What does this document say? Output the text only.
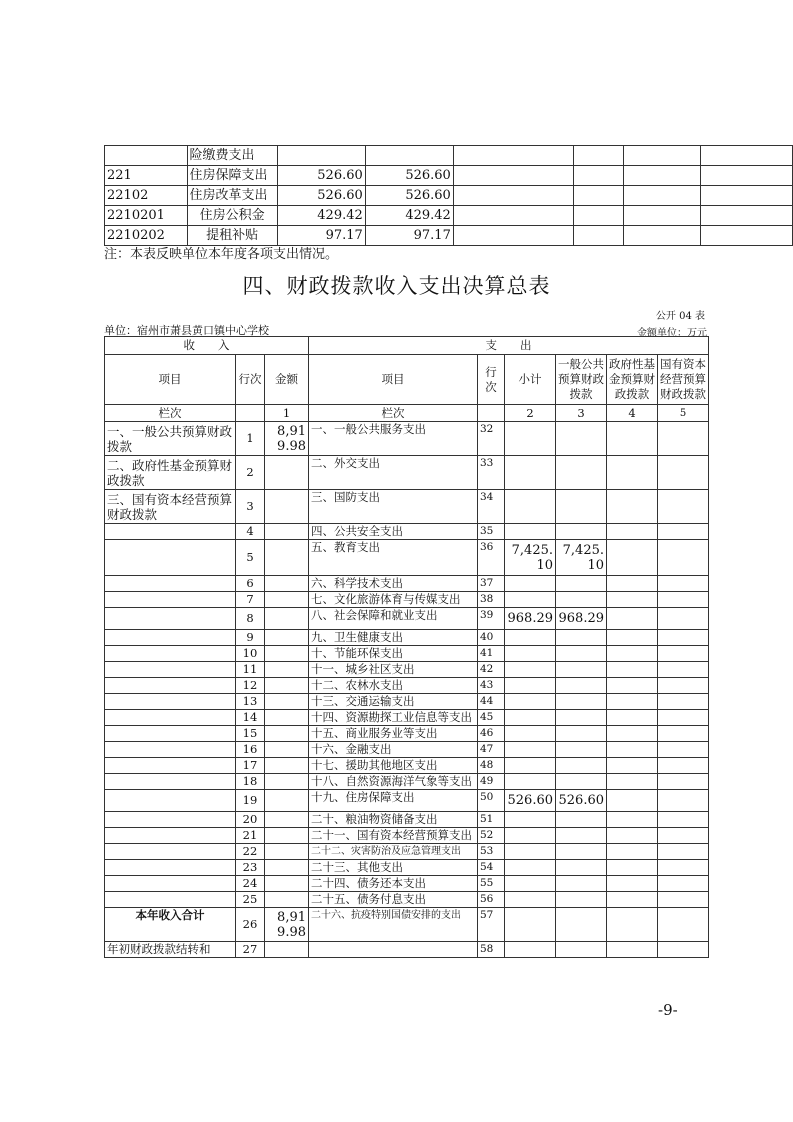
	险缴费支出						
221	住房保障支出	526.60	526.60				
22102	住房改革支出	526.60	526.60				
2210201	住房公积金	429.42	429.42				
2210202	提租补贴	97.17	97.17				
注：本表反映单位本年度各项支出情况。
四、财政拨款收入支出决算总表
公开 04 表
单位：宿州市萧县黄口镇中心学校	金额单位：万元
收　　入			支　　出					
项目	行次	金额	项目	行次	小计	一般公共预算财政拨款	政府性基金预算财政拨款	国有资本经营预算财政拨款
栏次		1	栏次		2	3	4	5
一、一般公共预算财政拨款	1	8,919.98	一、一般公共服务支出	32				
二、政府性基金预算财政拨款	2		二、外交支出	33				
三、国有资本经营预算财政拨款	3		三、国防支出	34				
	4		四、公共安全支出	35				
	5		五、教育支出	36	7,425.10	7,425.10		
	6		六、科学技术支出	37				
	7		七、文化旅游体育与传媒支出	38				
	8		八、社会保障和就业支出	39	968.29	968.29		
	9		九、卫生健康支出	40				
	10		十、节能环保支出	41				
	11		十一、城乡社区支出	42				
	12		十二、农林水支出	43				
	13		十三、交通运输支出	44				
	14		十四、资源勘探工业信息等支出	45				
	15		十五、商业服务业等支出	46				
	16		十六、金融支出	47				
	17		十七、援助其他地区支出	48				
	18		十八、自然资源海洋气象等支出	49				
	19		十九、住房保障支出	50	526.60	526.60		
	20		二十、粮油物资储备支出	51				
	21		二十一、国有资本经营预算支出	52				
	22		二十二、灾害防治及应急管理支出	53				
	23		二十三、其他支出	54				
	24		二十四、债务还本支出	55				
	25		二十五、债务付息支出	56				
本年收入合计	26	8,919.98	二十六、抗疫特别国债安排的支出	57				
年初财政拨款结转和	27			58				
-9-
